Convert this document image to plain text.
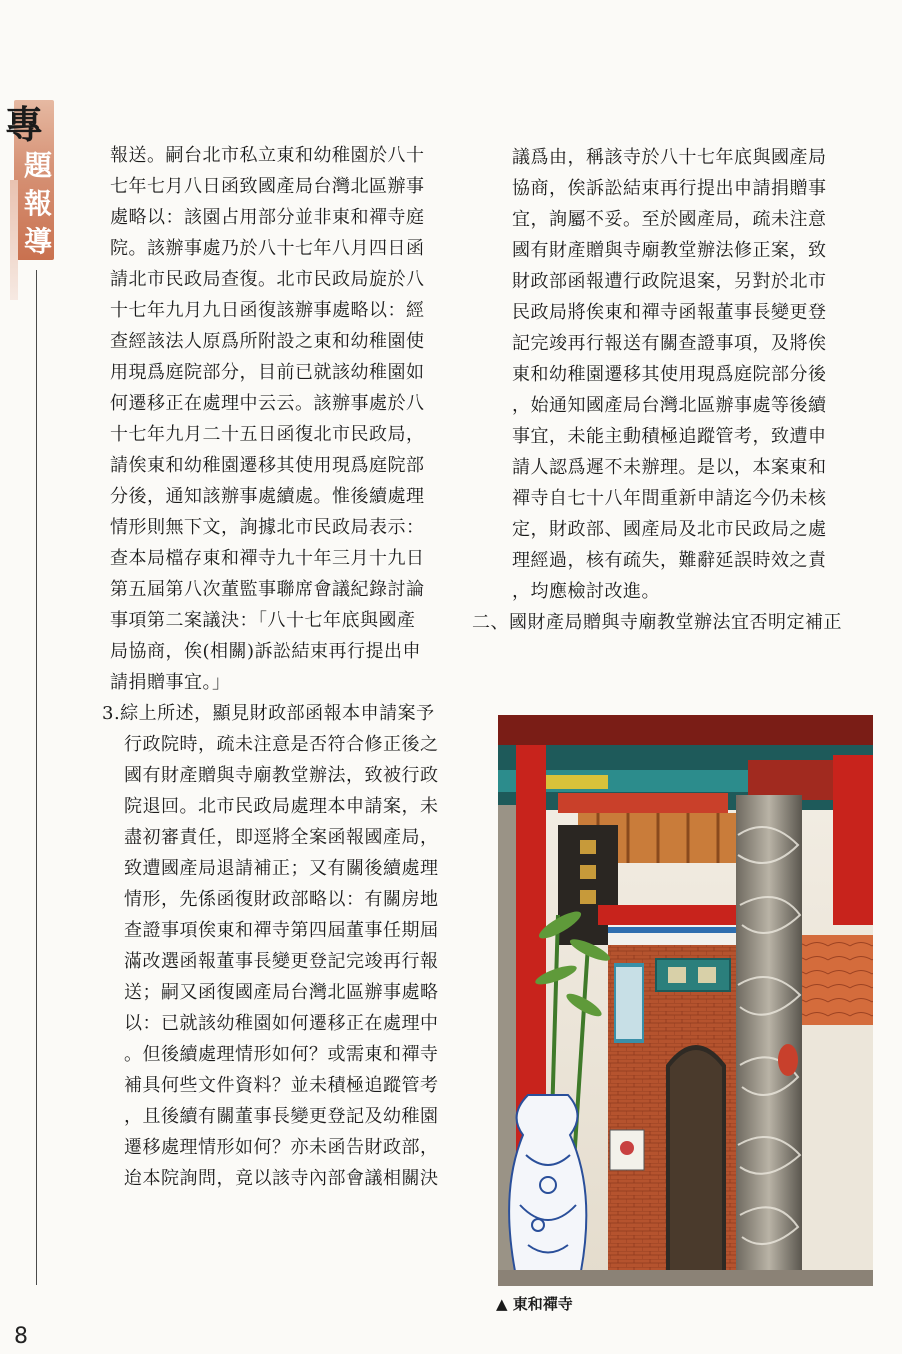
專
題
報
導
報送。嗣台北市私立東和幼稚園於八十
七年七月八日函致國產局台灣北區辦事
處略以：該園占用部分並非東和禪寺庭
院。該辦事處乃於八十七年八月四日函
請北市民政局查復。北市民政局旋於八
十七年九月九日函復該辦事處略以：經
查經該法人原爲所附設之東和幼稚園使
用現爲庭院部分，目前已就該幼稚園如
何遷移正在處理中云云。該辦事處於八
十七年九月二十五日函復北市民政局，
請俟東和幼稚園遷移其使用現爲庭院部
分後，通知該辦事處續處。惟後續處理
情形則無下文，詢據北市民政局表示：
查本局檔存東和禪寺九十年三月十九日
第五屆第八次董監事聯席會議紀錄討論
事項第二案議決：「八十七年底與國產
局協商，俟(相關)訴訟結束再行提出申
請捐贈事宜。」
3.綜上所述，顯見財政部函報本申請案予
行政院時，疏未注意是否符合修正後之
國有財產贈與寺廟教堂辦法，致被行政
院退回。北市民政局處理本申請案，未
盡初審責任，即逕將全案函報國產局，
致遭國產局退請補正；又有關後續處理
情形，先係函復財政部略以：有關房地
查證事項俟東和禪寺第四屆董事任期屆
滿改選函報董事長變更登記完竣再行報
送；嗣又函復國產局台灣北區辦事處略
以：已就該幼稚園如何遷移正在處理中
。但後續處理情形如何？或需東和禪寺
補具何些文件資料？並未積極追蹤管考
，且後續有關董事長變更登記及幼稚園
遷移處理情形如何？亦未函告財政部，
迨本院詢問，竟以該寺內部會議相關決
議爲由，稱該寺於八十七年底與國產局
協商，俟訴訟結束再行提出申請捐贈事
宜，詢屬不妥。至於國產局，疏未注意
國有財產贈與寺廟教堂辦法修正案，致
財政部函報遭行政院退案，另對於北市
民政局將俟東和禪寺函報董事長變更登
記完竣再行報送有關查證事項，及將俟
東和幼稚園遷移其使用現爲庭院部分後
，始通知國產局台灣北區辦事處等後續
事宜，未能主動積極追蹤管考，致遭申
請人認爲遲不未辦理。是以，本案東和
禪寺自七十八年間重新申請迄今仍未核
定，財政部、國產局及北市民政局之處
理經過，核有疏失，難辭延誤時效之責
，均應檢討改進。
二、國財產局贈與寺廟教堂辦法宜否明定補正
▲ 東和禪寺
8
